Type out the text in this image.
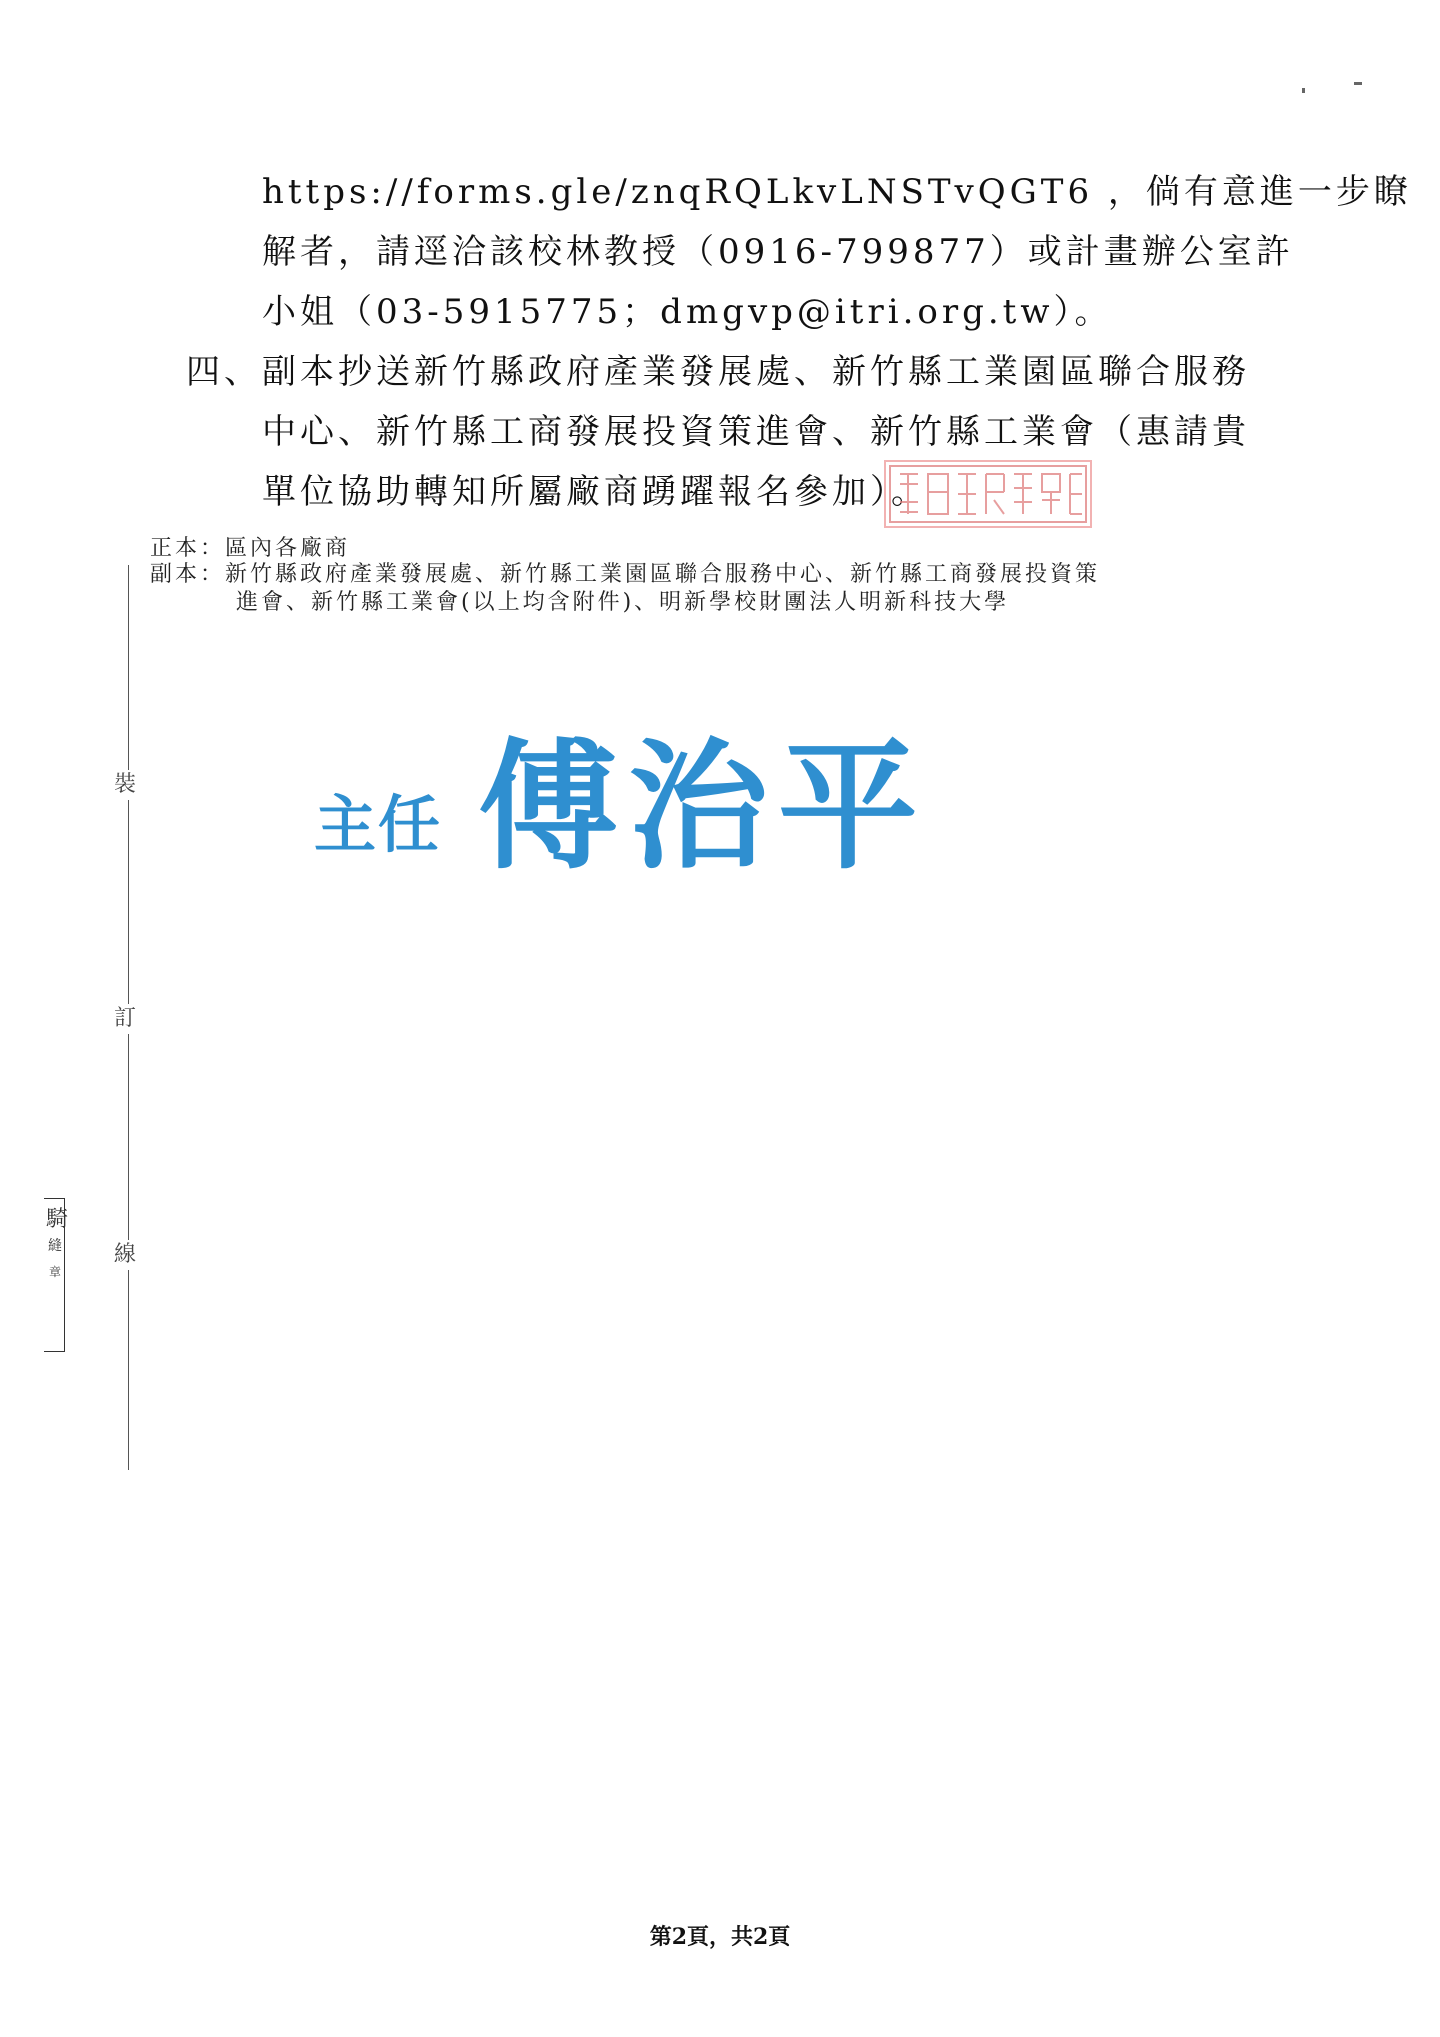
https://forms.gle/znqRQLkvLNSTvQGT6 ，倘有意進一步瞭
解者，請逕洽該校林教授（0916-799877）或計畫辦公室許
小姐（03-5915775；dmgvp@itri.org.tw）。
四、 副本抄送新竹縣政府產業發展處、新竹縣工業園區聯合服務
中心、新竹縣工商發展投資策進會、新竹縣工業會（惠請貴
單位協助轉知所屬廠商踴躍報名參加）。
正本：區內各廠商
副本：新竹縣政府產業發展處、新竹縣工業園區聯合服務中心、新竹縣工商發展投資策
進會、新竹縣工業會(以上均含附件)、明新學校財團法人明新科技大學
裝
訂
線
騎
縫
章
主任 傅治平
第2頁，共2頁
